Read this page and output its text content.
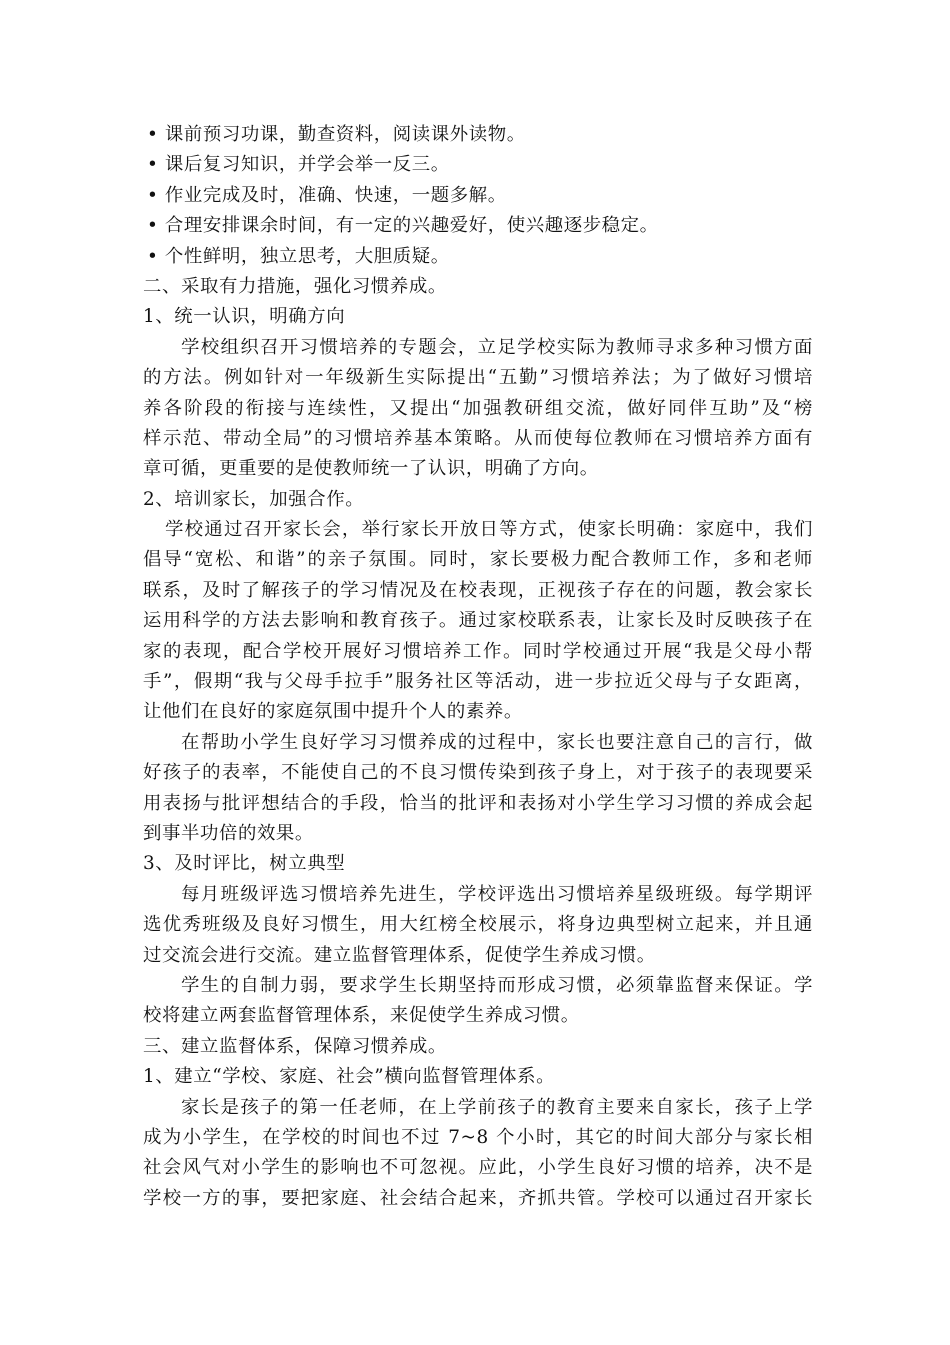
• 课前预习功课，勤查资料，阅读课外读物。
• 课后复习知识，并学会举一反三。
• 作业完成及时，准确、快速，一题多解。
• 合理安排课余时间，有一定的兴趣爱好，使兴趣逐步稳定。
• 个性鲜明，独立思考，大胆质疑。
二、采取有力措施，强化习惯养成。
1、统一认识，明确方向
学校组织召开习惯培养的专题会，立足学校实际为教师寻求多种习惯方面
的方法。例如针对一年级新生实际提出“五勤”习惯培养法；为了做好习惯培
养各阶段的衔接与连续性，又提出“加强教研组交流，做好同伴互助”及“榜
样示范、带动全局”的习惯培养基本策略。从而使每位教师在习惯培养方面有
章可循，更重要的是使教师统一了认识，明确了方向。
2、培训家长，加强合作。
学校通过召开家长会，举行家长开放日等方式，使家长明确：家庭中，我们
倡导“宽松、和谐”的亲子氛围。同时，家长要极力配合教师工作，多和老师
联系，及时了解孩子的学习情况及在校表现，正视孩子存在的问题，教会家长
运用科学的方法去影响和教育孩子。通过家校联系表，让家长及时反映孩子在
家的表现，配合学校开展好习惯培养工作。同时学校通过开展“我是父母小帮
手”，假期“我与父母手拉手”服务社区等活动，进一步拉近父母与子女距离，
让他们在良好的家庭氛围中提升个人的素养。
在帮助小学生良好学习习惯养成的过程中，家长也要注意自己的言行，做
好孩子的表率，不能使自己的不良习惯传染到孩子身上，对于孩子的表现要采
用表扬与批评想结合的手段，恰当的批评和表扬对小学生学习习惯的养成会起
到事半功倍的效果。
3、及时评比，树立典型
每月班级评选习惯培养先进生，学校评选出习惯培养星级班级。每学期评
选优秀班级及良好习惯生，用大红榜全校展示，将身边典型树立起来，并且通
过交流会进行交流。建立监督管理体系，促使学生养成习惯。
学生的自制力弱，要求学生长期坚持而形成习惯，必须靠监督来保证。学
校将建立两套监督管理体系，来促使学生养成习惯。
三、建立监督体系，保障习惯养成。
1、建立“学校、家庭、社会”横向监督管理体系。
家长是孩子的第一任老师，在上学前孩子的教育主要来自家长，孩子上学
成为小学生，在学校的时间也不过 7~8 个小时，其它的时间大部分与家长相
社会风气对小学生的影响也不可忽视。应此，小学生良好习惯的培养，决不是
学校一方的事，要把家庭、社会结合起来，齐抓共管。学校可以通过召开家长
